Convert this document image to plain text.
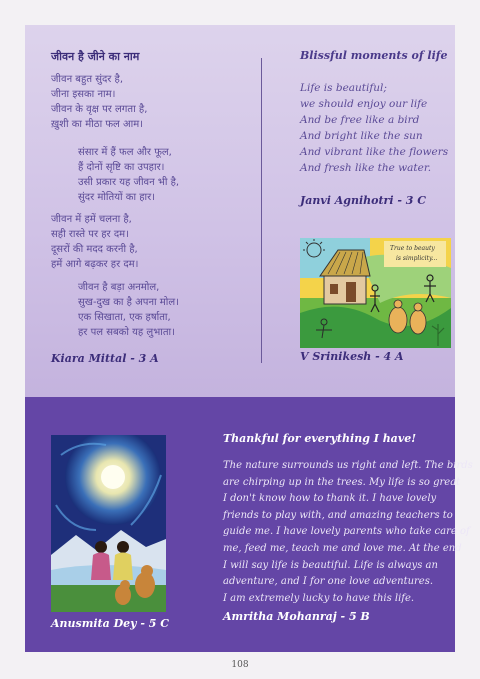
जीवन है जीने का नाम
जीवन बहुत सुंदर है,
जीना इसका नाम।
जीवन के वृक्ष पर लगता है,
ख़ुशी का मीठा फल आम।
संसार में हैं फल और फूल,
हैं दोनों सृष्टि का उपहार।
उसी प्रकार यह जीवन भी है,
सुंदर मोतियों का हार।
जीवन में हमें चलना है,
सही रास्ते पर हर दम।
दूसरों की मदद करनी है,
हमें आगे बढ़कर हर दम।
जीवन है बड़ा अनमोल,
सुख-दुख का है अपना मोल।
एक सिखाता, एक हर्षाता,
हर पल सबको यह लुभाता।

Kiara Mittal - 3 A

Blissful moments of life
Life is beautiful;
we should enjoy our life
And be free like a bird
And bright like the sun
And vibrant like the flowers
And fresh like the water.

Janvi Agnihotri - 3 C

True to beauty
is simplicity...

V Srinikesh - 4 A

Anusmita Dey - 5 C

Thankful for everything I have!
The nature surrounds us right and left. The birds
are chirping up in the trees. My life is so great
I don't know how to thank it. I have lovely
friends to play with, and amazing teachers to
guide me. I have lovely parents who take care of
me, feed me, teach me and love me. At the end
I will say life is beautiful. Life is always an
adventure, and I for one love adventures.
I am extremely lucky to have this life.

Amritha Mohanraj - 5 B

108
